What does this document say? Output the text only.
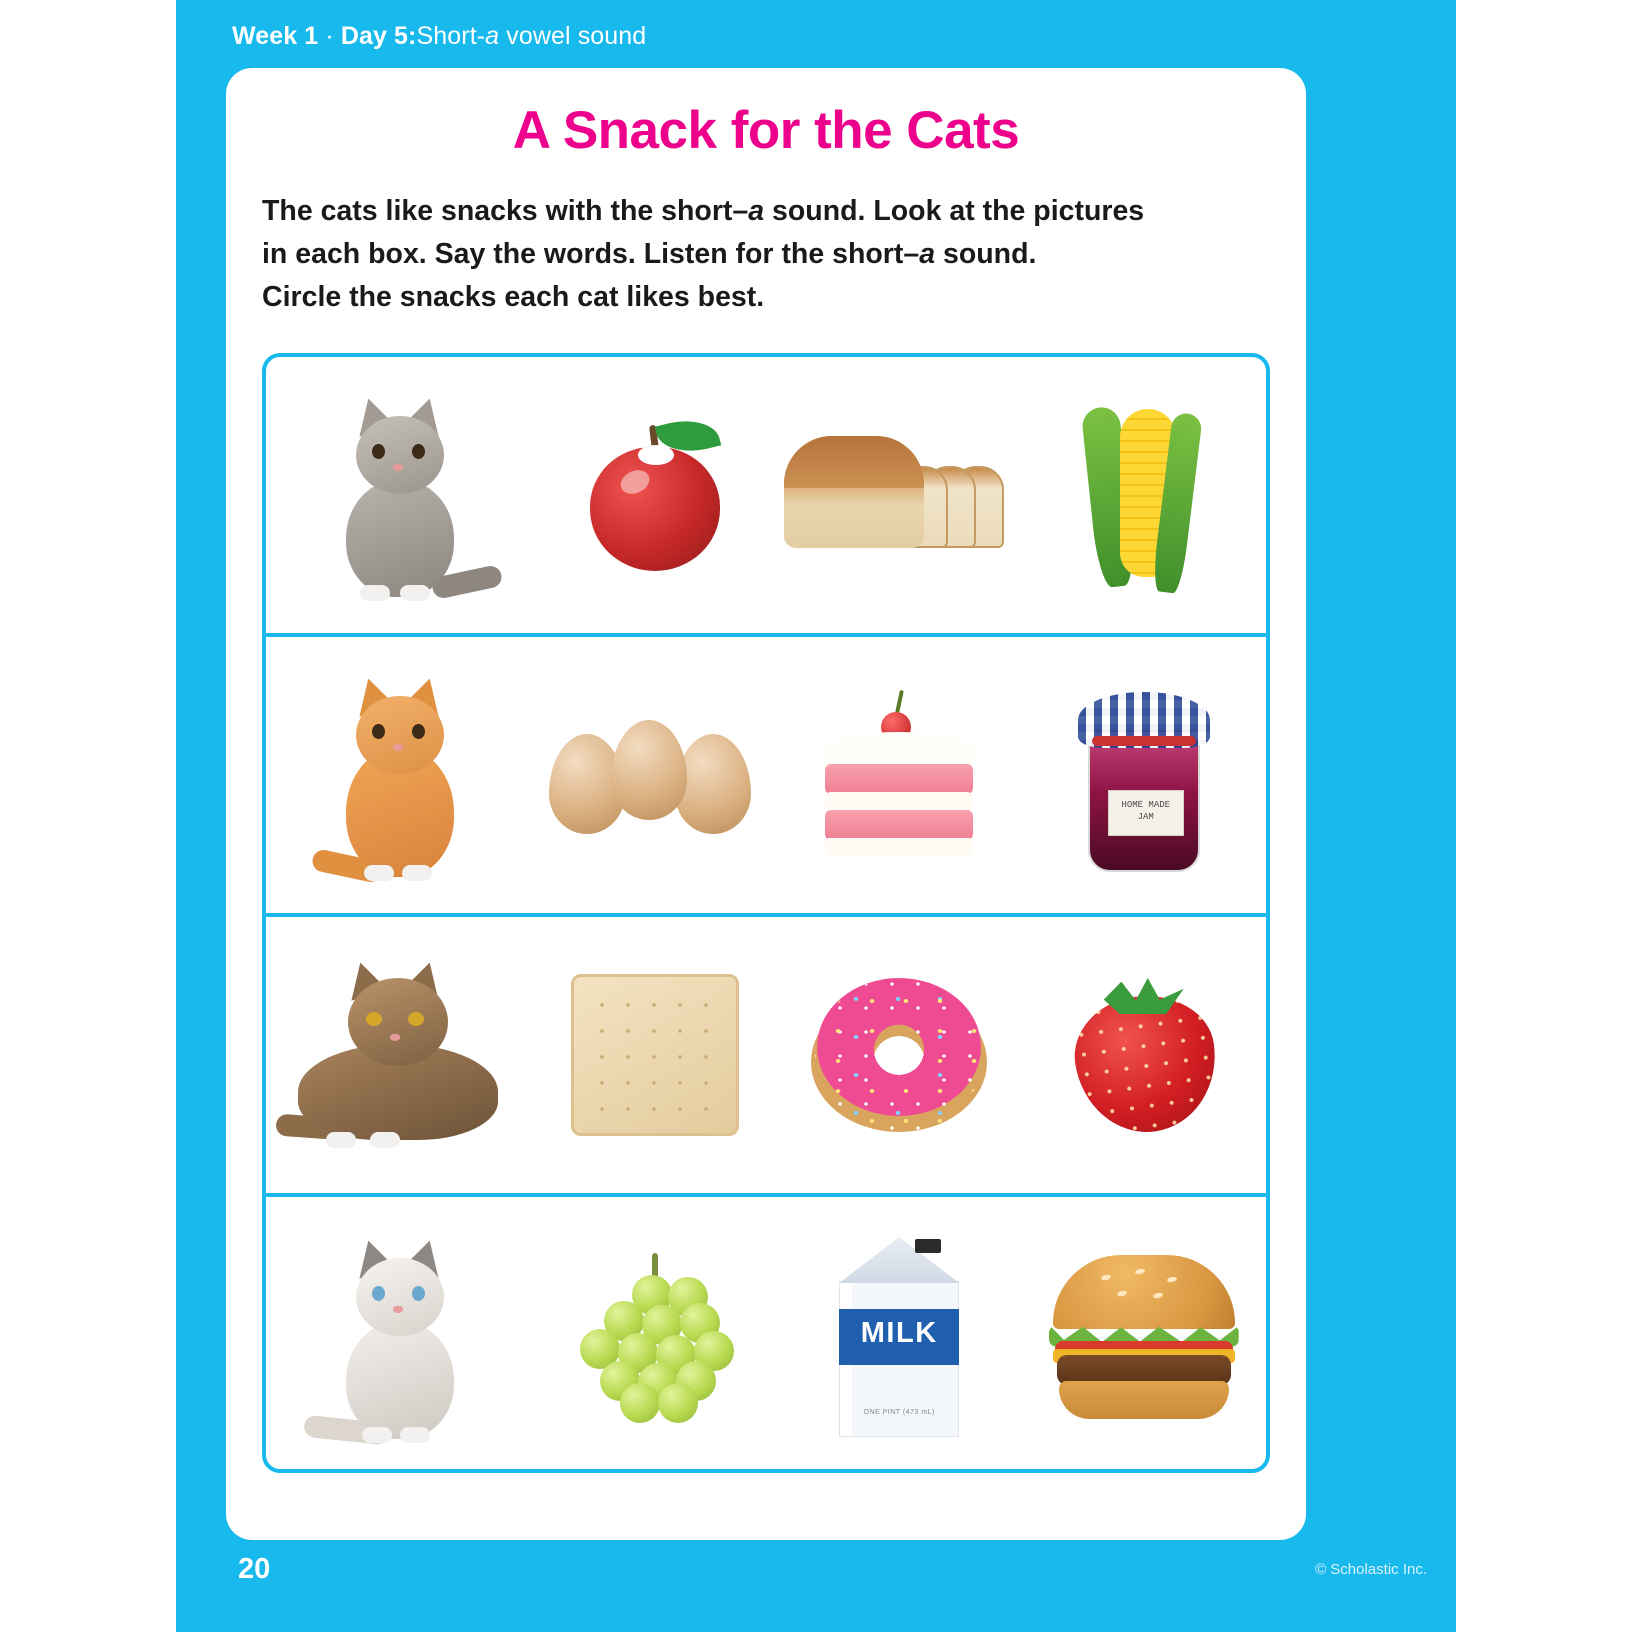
Week 1 · Day 5:Short-a vowel sound
A Snack for the Cats
The cats like snacks with the short–a sound. Look at the pictures
in each box. Say the words. Listen for the short–a sound.
Circle the snacks each cat likes best.
HOME MADE
JAM
MILK
ONE PINT (473 mL)
20	© Scholastic Inc.
